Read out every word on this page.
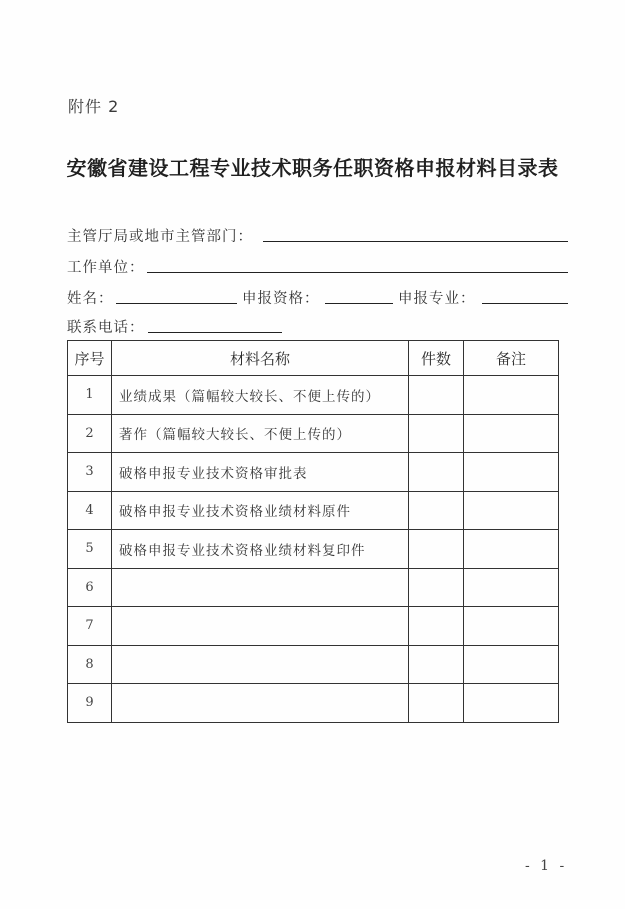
附件 2
安徽省建设工程专业技术职务任职资格申报材料目录表
主管厅局或地市主管部门：
工作单位：
姓名：	申报资格：	申报专业：
联系电话：
序号	材料名称	件数	备注
1	业绩成果（篇幅较大较长、不便上传的）		
2	著作（篇幅较大较长、不便上传的）		
3	破格申报专业技术资格审批表		
4	破格申报专业技术资格业绩材料原件		
5	破格申报专业技术资格业绩材料复印件		
6			
7			
8			
9			
- 1 -
